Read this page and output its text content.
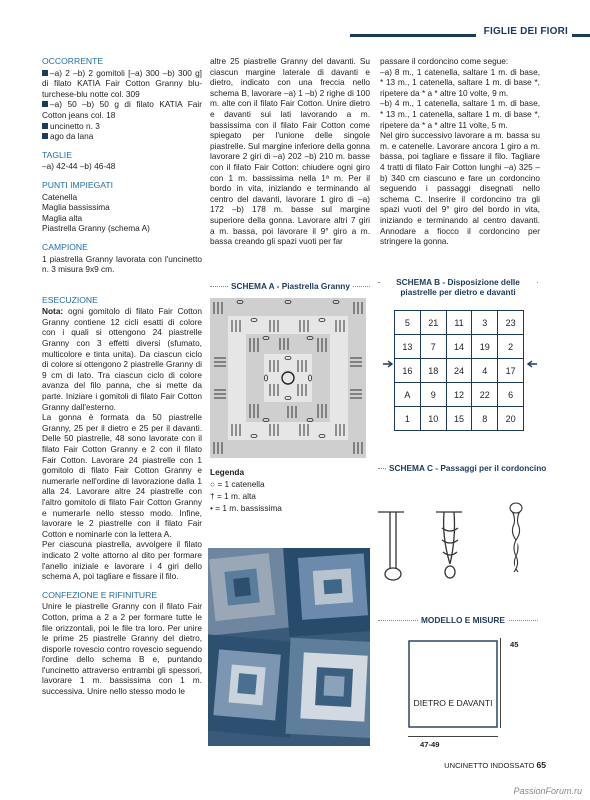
FIGLIE DEI FIORI
OCCORRENTE

–a) 2 –b) 2 gomitoli [–a) 300 –b) 300 g] di filato KATIA Fair Cotton Granny blu-turchese-blu notte col. 309

–a) 50 –b) 50 g di filato KATIA Fair Cotton jeans col. 18

uncinetto n. 3

ago da lana

TAGLIE

–a) 42-44 –b) 46-48

PUNTI IMPIEGATI

Catenella

Maglia bassissima

Maglia alta

Piastrella Granny (schema A)

CAMPIONE

1 piastrella Granny lavorata con l'uncinetto n. 3 misura 9x9 cm.

ESECUZIONE

Nota: ogni gomitolo di filato Fair Cotton Granny contiene 12 cicli esatti di colore con i quali si ottengono 24 piastrelle Granny con 3 effetti diversi (sfumato, multicolore e tinta unita). Da ciascun ciclo di colore si ottengono 2 piastrelle Granny di 9 cm di lato. Tra ciascun ciclo di colore avanza del filo panna, che si mette da parte. Iniziare i gomitoli di filato Fair Cotton Granny dall'esterno.

La gonna è formata da 50 piastrelle Granny, 25 per il dietro e 25 per il davanti. Delle 50 piastrelle, 48 sono lavorate con il filato Fair Cotton Granny e 2 con il filato Fair Cotton. Lavorare 24 piastrelle con 1 gomitolo di filato Fair Cotton Granny e numerarle nell'ordine di lavorazione dalla 1 alla 24. Lavorare altre 24 piastrelle con l'altro gomitolo di filato Fair Cotton Granny e numerarle nello stesso modo. Infine, lavorare le 2 piastrelle con il filato Fair Cotton e nominarle con la lettera A.

Per ciascuna piastrella, avvolgere il filato indicato 2 volte attorno al dito per formare l'anello iniziale e lavorare i 4 giri dello schema A, poi tagliare e fissare il filo.

CONFEZIONE E RIFINITURE

Unire le piastrelle Granny con il filato Fair Cotton, prima a 2 a 2 per formare tutte le file orizzontali, poi le file tra loro. Per unire le prime 25 piastrelle Granny del dietro, disporle rovescio contro rovescio seguendo l'ordine dello schema B e, puntando l'uncinetto attraverso entrambi gli spessori, lavorare 1 m. bassissima con 1 m. successiva. Unire nello stesso modo le

altre 25 piastrelle Granny del davanti. Su ciascun margine laterale di davanti e dietro, indicato con una freccia nello schema B, lavorare –a) 1 –b) 2 righe di 100 m. alte con il filato Fair Cotton. Unire dietro e davanti sui lati lavorando a m. bassissima con il filato Fair Cotton come spiegato per l'unione delle singole piastrelle. Sul margine inferiore della gonna lavorare 2 giri di –a) 202 –b) 210 m. basse con il filato Fair Cotton: chiudere ogni giro con 1 m. bassissima nella 1ª m. Per il bordo in vita, iniziando e terminando al centro del davanti, lavorare 1 giro di –a) 172 –b) 178 m. basse sul margine superiore della gonna. Lavorare altri 7 giri a m. bassa, poi lavorare il 9° giro a m. bassa creando gli spazi vuoti per far

passare il cordoncino come segue:

–a) 8 m., 1 catenella, saltare 1 m. di base, * 13 m., 1 catenella, saltare 1 m. di base *, ripetere da * a * altre 10 volte, 9 m.

–b) 4 m., 1 catenella, saltare 1 m. di base, * 13 m., 1 catenella, saltare 1 m. di base *, ripetere da * a * altre 11 volte, 5 m.

Nel giro successivo lavorare a m. bassa su m. e catenelle. Lavorare ancora 1 giro a m. bassa, poi tagliare e fissare il filo. Tagliare 4 tratti di filato Fair Cotton lunghi –a) 325 –b) 340 cm ciascuno e fare un cordoncino seguendo i passaggi disegnati nello schema C. Inserire il cordoncino tra gli spazi vuoti del 9° giro del bordo in vita, iniziando e terminando al centro davanti. Annodare a fiocco il cordoncino per stringere la gonna.

SCHEMA A - Piastrella Granny
Legenda
○ = 1 catenella
† = 1 m. alta
• = 1 m. bassissima
SCHEMA B - Disposizione delle piastrelle per dietro e davanti
5	21	11	3	23
13	7	14	19	2
16	18	24	4	17
A	9	12	22	6
1	10	15	8	20
SCHEMA C - Passaggi per il cordoncino
MODELLO E MISURE
DIETRO E DAVANTI
45
47-49
UNCINETTO INDOSSATO 65
PassionForum.ru
